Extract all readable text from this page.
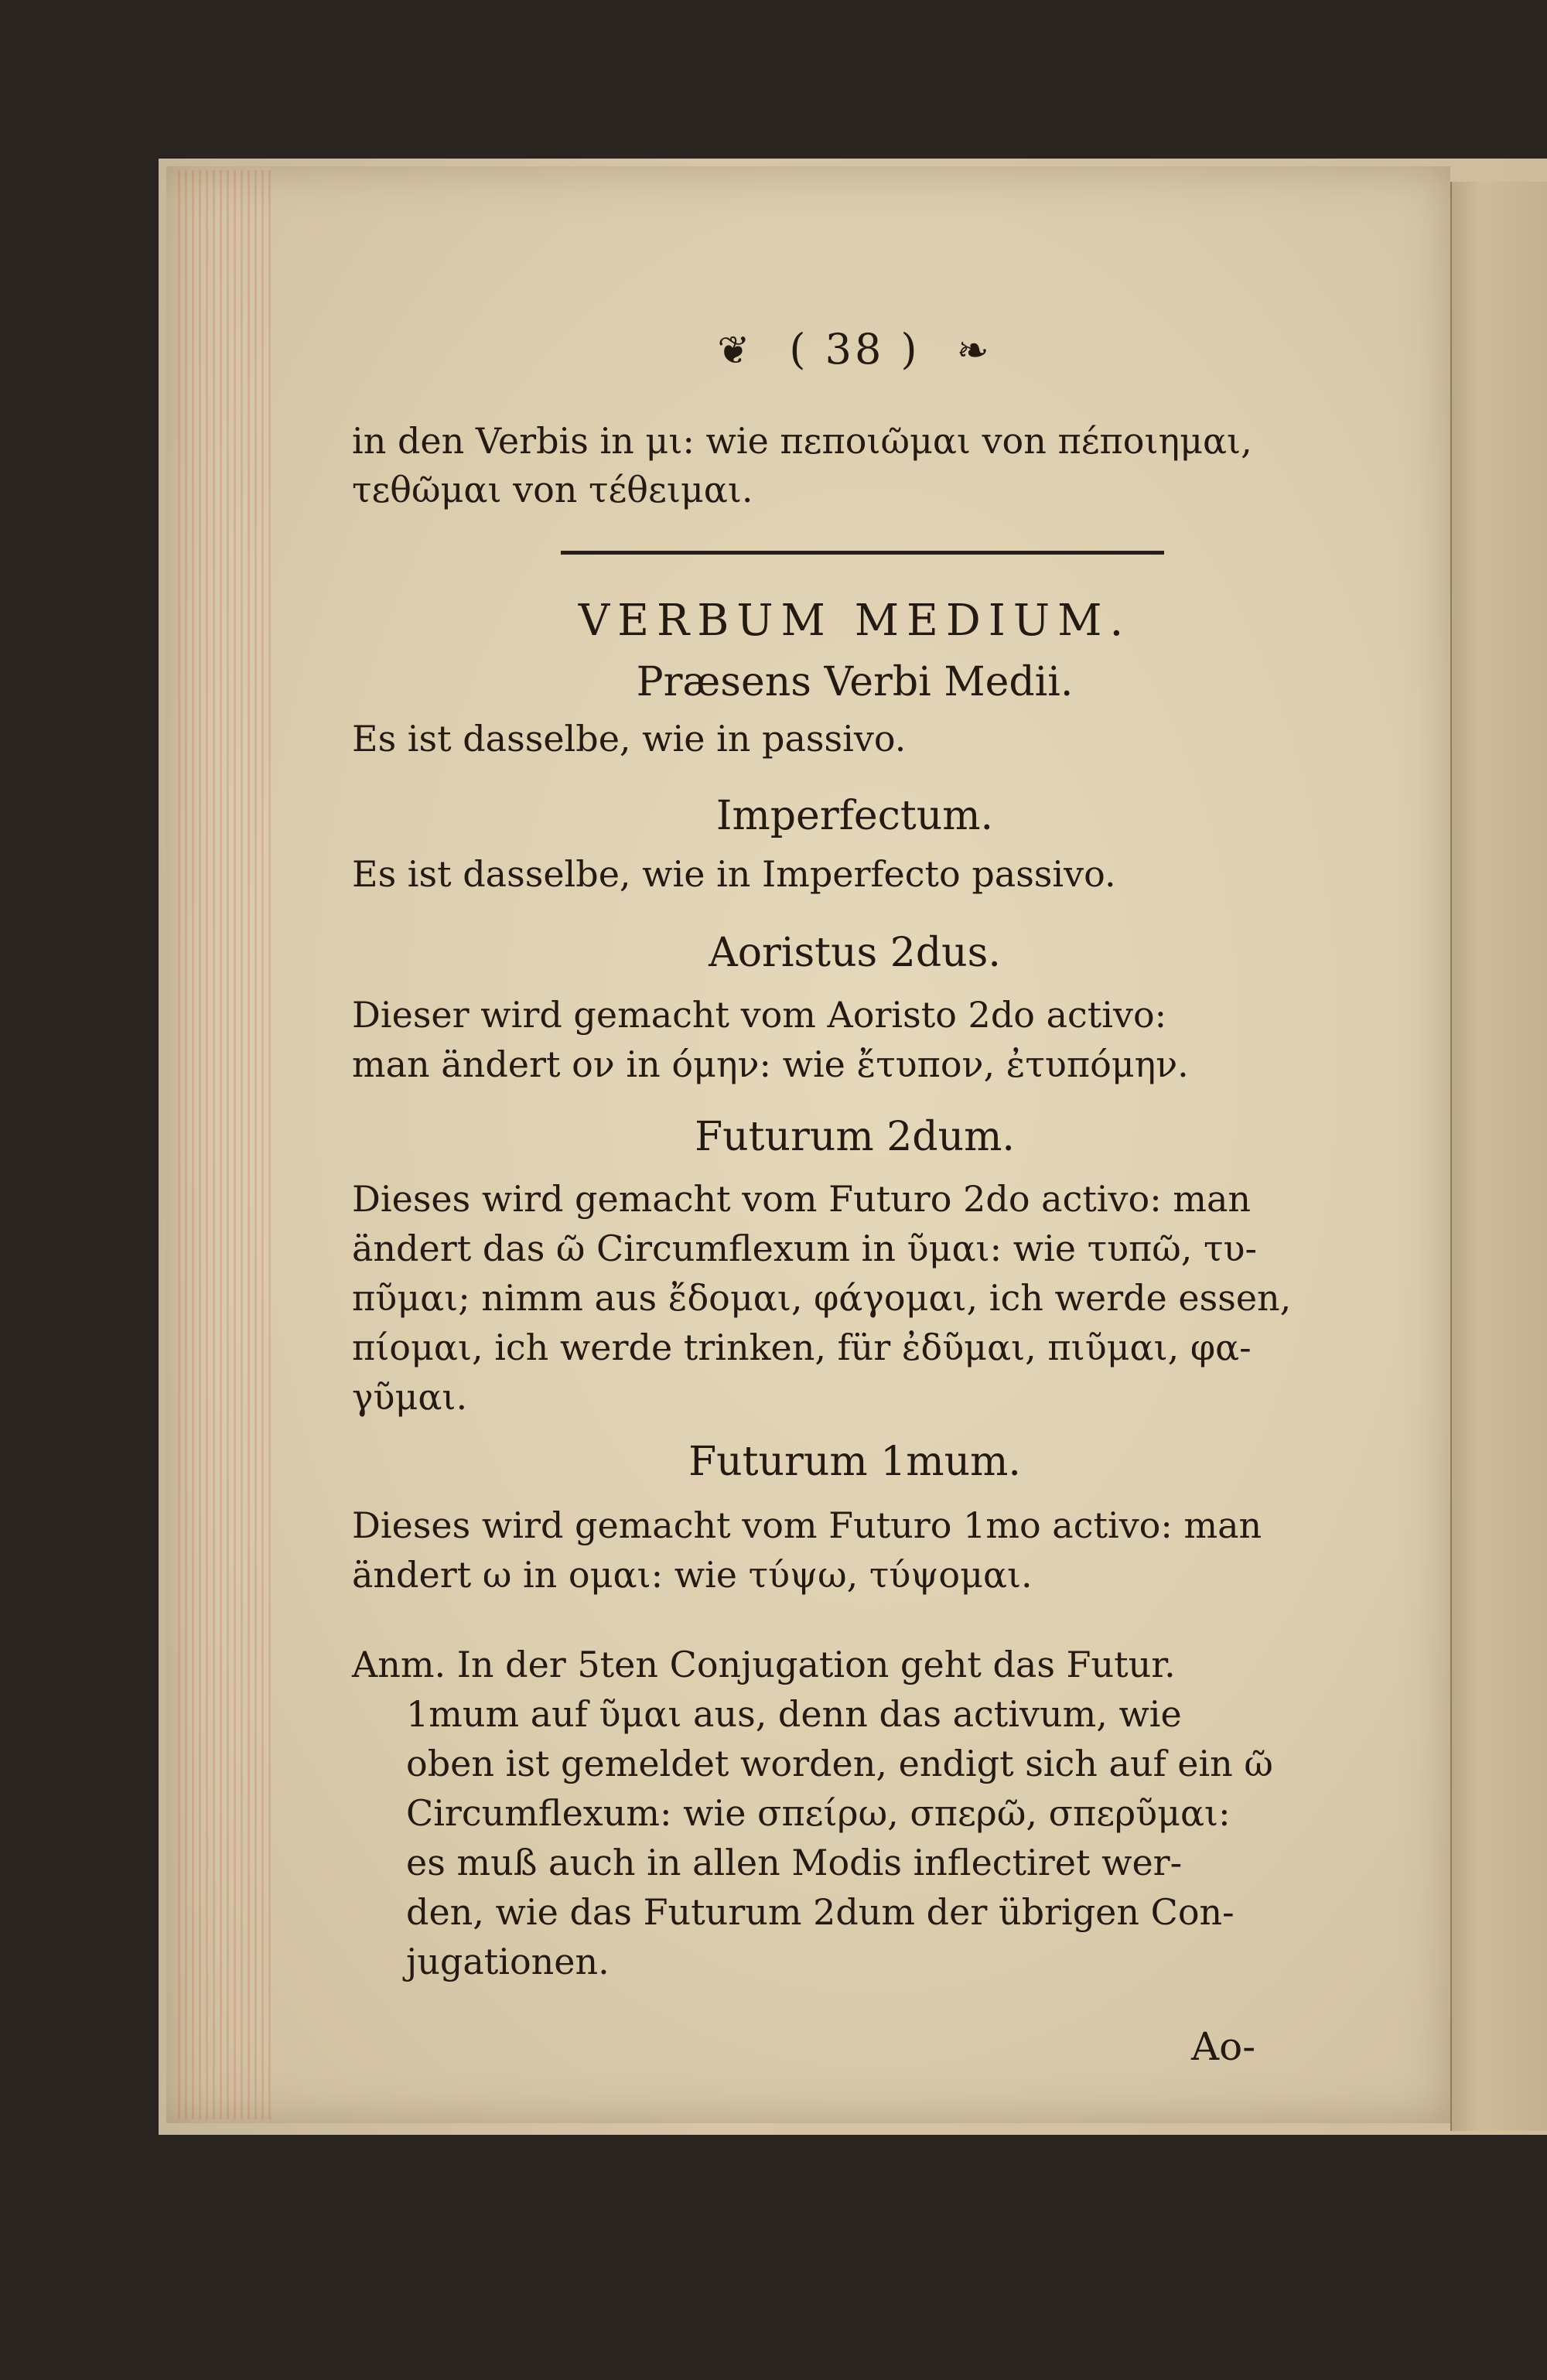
❦ ( 38 ) ❧
in den Verbis in μι: wie πεποιῶμαι von πέποιημαι,
τεθῶμαι von τέθειμαι.
VERBUM MEDIUM.
Præsens Verbi Medii.
Es ist dasselbe, wie in passivo.
Imperfectum.
Es ist dasselbe, wie in Imperfecto passivo.
Aoristus 2dus.
Dieser wird gemacht vom Aoristo 2do activo:
man ändert ον in όμην: wie ἔτυπον, ἐτυπόμην.
Futurum 2dum.
Dieses wird gemacht vom Futuro 2do activo: man
ändert das ῶ Circumflexum in ῦμαι: wie τυπῶ, τυ-
πῦμαι; nimm aus ἔδομαι, φάγομαι, ich werde essen,
πίομαι, ich werde trinken, für ἐδῦμαι, πιῦμαι, φα-
γῦμαι.
Futurum 1mum.
Dieses wird gemacht vom Futuro 1mo activo: man
ändert ω in ομαι: wie τύψω, τύψομαι.
Anm. In der 5ten Conjugation geht das Futur.
1mum auf ῦμαι aus, denn das activum, wie
oben ist gemeldet worden, endigt sich auf ein ῶ
Circumflexum: wie σπείρω, σπερῶ, σπερῦμαι:
es muß auch in allen Modis inflectiret wer-
den, wie das Futurum 2dum der übrigen Con-
jugationen.
Ao-
